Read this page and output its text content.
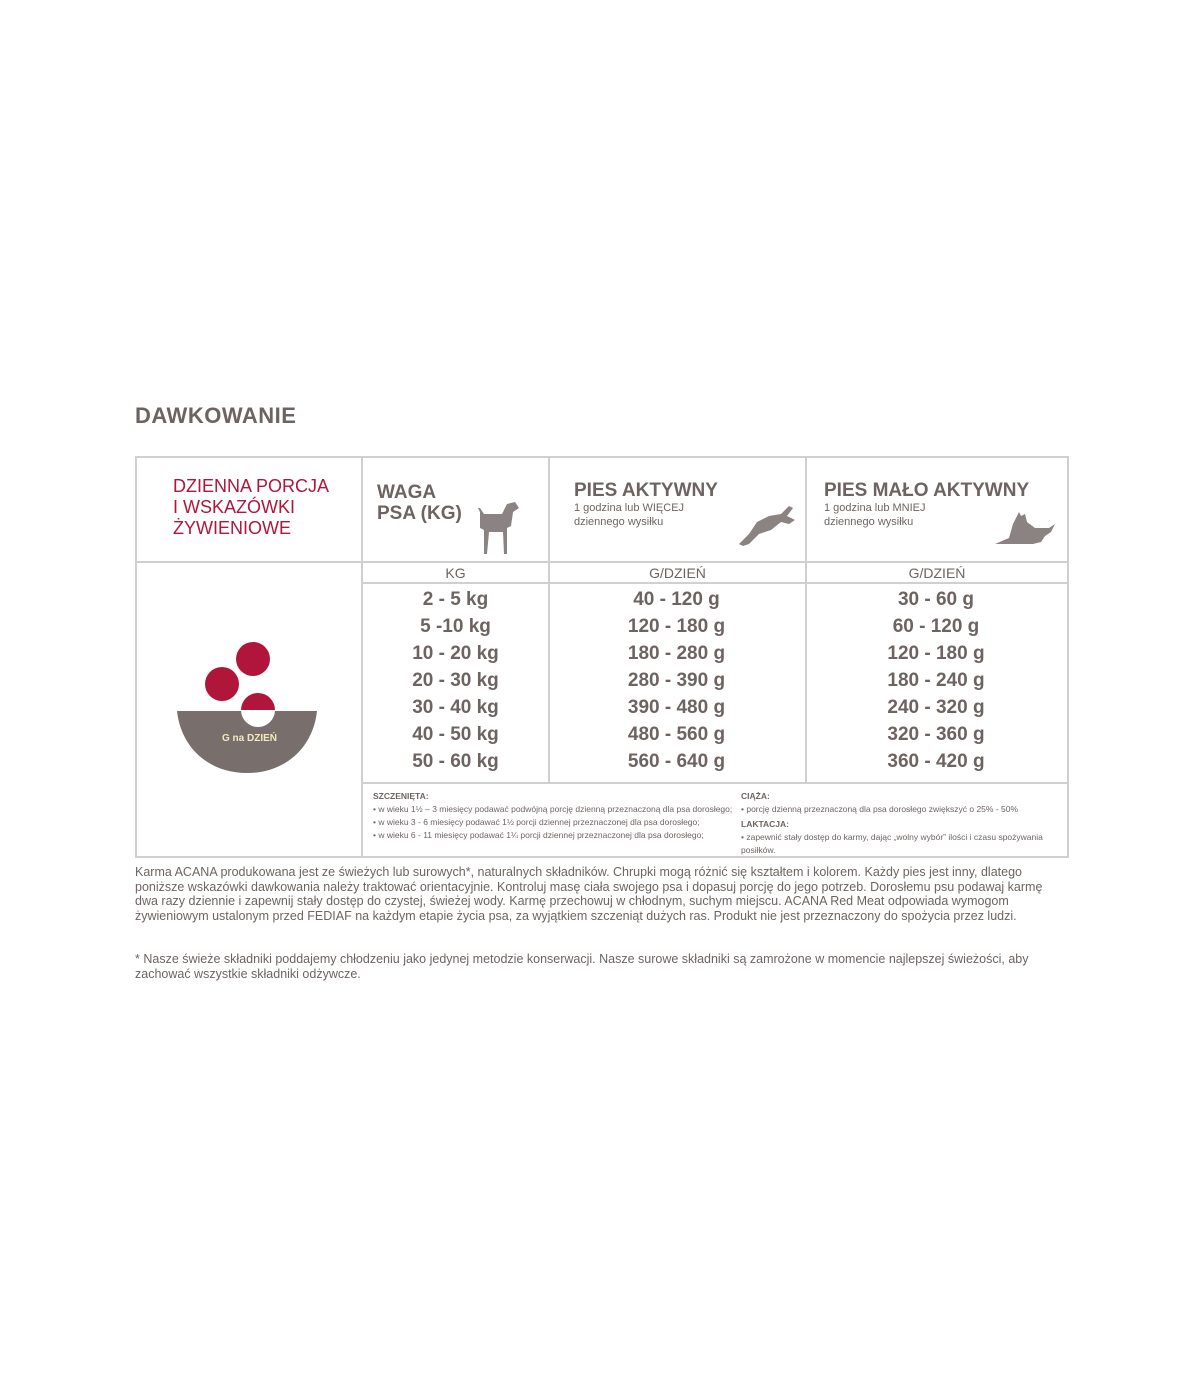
DAWKOWANIE
DZIENNA PORCJA
I WSKAZÓWKI
ŻYWIENIOWE
WAGA
PSA (KG)
PIES AKTYWNY
1 godzina lub WIĘCEJ
dziennego wysiłku
PIES MAŁO AKTYWNY
1 godzina lub MNIEJ
dziennego wysiłku
G na DZIEŃ
KG	G/DZIEŃ	G/DZIEŃ
2 - 5 kg	40 - 120 g	30 - 60 g
5 -10 kg	120 - 180 g	60 - 120 g
10 - 20 kg	180 - 280 g	120 - 180 g
20 - 30 kg	280 - 390 g	180 - 240 g
30 - 40 kg	390 - 480 g	240 - 320 g
40 - 50 kg	480 - 560 g	320 - 360 g
50 - 60 kg	560 - 640 g	360 - 420 g
SZCZENIĘTA:
• w wieku 1½ – 3 miesięcy podawać podwójną porcję dzienną przeznaczoną dla psa dorosłego;
• w wieku 3 - 6 miesięcy podawać 1½ porcji dziennej przeznaczonej dla psa dorosłego;
• w wieku 6 - 11 miesięcy podawać 1¼ porcji dziennej przeznaczonej dla psa dorosłego;
CIĄŻA:
• porcję dzienną przeznaczoną dla psa dorosłego zwiększyć o 25% - 50%
LAKTACJA:
• zapewnić stały dostęp do karmy, dając „wolny wybór” ilości i czasu spożywania posiłków.
Karma ACANA produkowana jest ze świeżych lub surowych*, naturalnych składników. Chrupki mogą różnić się kształtem i kolorem. Każdy pies jest inny, dlatego poniższe wskazówki dawkowania należy traktować orientacyjnie. Kontroluj masę ciała swojego psa i dopasuj porcję do jego potrzeb. Dorosłemu psu podawaj karmę dwa razy dziennie i zapewnij stały dostęp do czystej, świeżej wody. Karmę przechowuj w chłodnym, suchym miejscu. ACANA Red Meat odpowiada wymogom żywieniowym ustalonym przed FEDIAF na każdym etapie życia psa, za wyjątkiem szczeniąt dużych ras. Produkt nie jest przeznaczony do spożycia przez ludzi.
* Nasze świeże składniki poddajemy chłodzeniu jako jedynej metodzie konserwacji. Nasze surowe składniki są zamrożone w momencie najlepszej świeżości, aby zachować wszystkie składniki odżywcze.
